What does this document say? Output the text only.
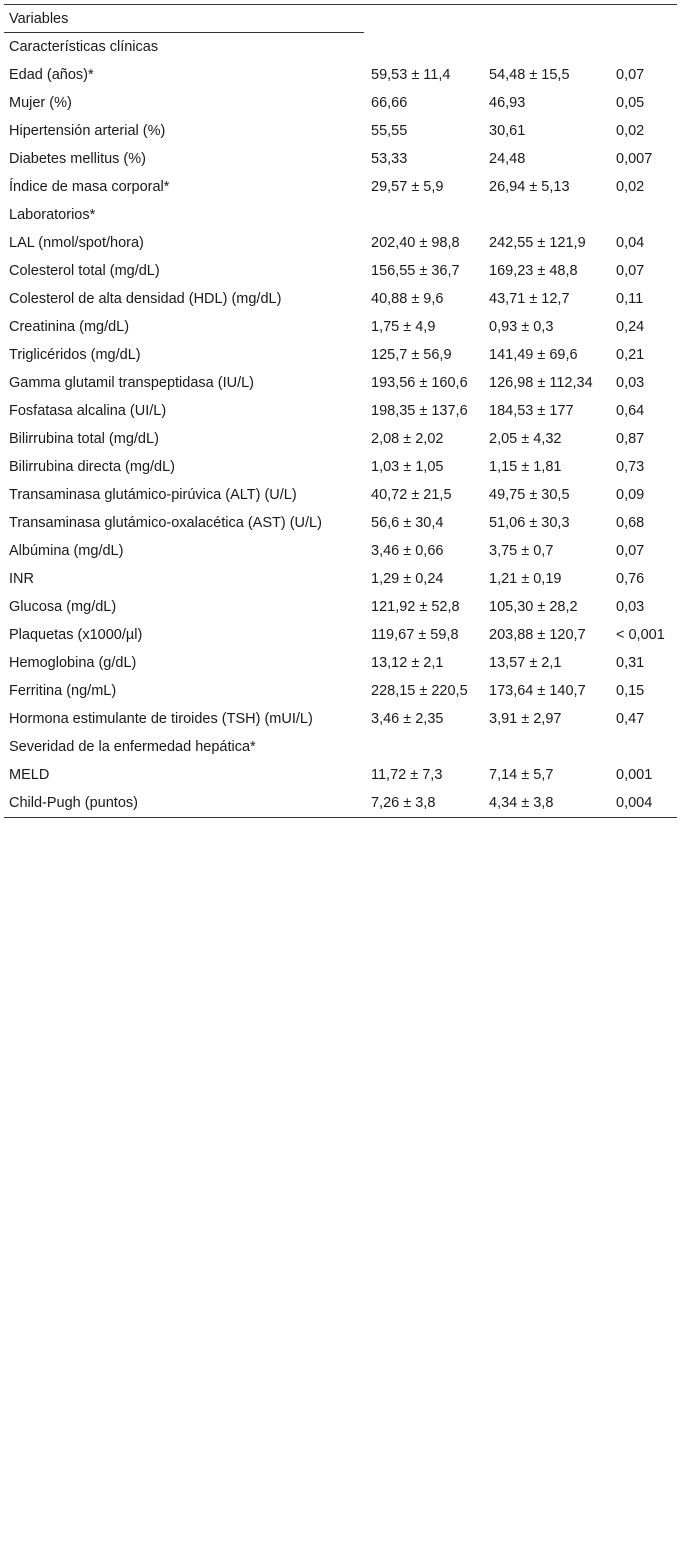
Variables			
Características clínicas			
Edad (años)*	59,53 ± 11,4	54,48 ± 15,5	0,07
Mujer (%)	66,66	46,93	0,05
Hipertensión arterial (%)	55,55	30,61	0,02
Diabetes mellitus (%)	53,33	24,48	0,007
Índice de masa corporal*	29,57 ± 5,9	26,94 ± 5,13	0,02
Laboratorios*			
LAL (nmol/spot/hora)	202,40 ± 98,8	242,55 ± 121,9	0,04
Colesterol total (mg/dL)	156,55 ± 36,7	169,23 ± 48,8	0,07
Colesterol de alta densidad (HDL) (mg/dL)	40,88 ± 9,6	43,71 ± 12,7	0,11
Creatinina (mg/dL)	1,75 ± 4,9	0,93 ± 0,3	0,24
Triglicéridos (mg/dL)	125,7 ± 56,9	141,49 ± 69,6	0,21
Gamma glutamil transpeptidasa (IU/L)	193,56 ± 160,6	126,98 ± 112,34	0,03
Fosfatasa alcalina (UI/L)	198,35 ± 137,6	184,53 ± 177	0,64
Bilirrubina total (mg/dL)	2,08 ± 2,02	2,05 ± 4,32	0,87
Bilirrubina directa (mg/dL)	1,03 ± 1,05	1,15 ± 1,81	0,73
Transaminasa glutámico-pirúvica (ALT) (U/L)	40,72 ± 21,5	49,75 ± 30,5	0,09
Transaminasa glutámico-oxalacética (AST) (U/L)	56,6 ± 30,4	51,06 ± 30,3	0,68
Albúmina (mg/dL)	3,46 ± 0,66	3,75 ± 0,7	0,07
INR	1,29 ± 0,24	1,21 ± 0,19	0,76
Glucosa (mg/dL)	121,92 ± 52,8	105,30 ± 28,2	0,03
Plaquetas (x1000/µl)	119,67 ± 59,8	203,88 ± 120,7	< 0,001
Hemoglobina (g/dL)	13,12 ± 2,1	13,57 ± 2,1	0,31
Ferritina (ng/mL)	228,15 ± 220,5	173,64 ± 140,7	0,15
Hormona estimulante de tiroides (TSH) (mUI/L)	3,46 ± 2,35	3,91 ± 2,97	0,47
Severidad de la enfermedad hepática*			
MELD	11,72 ± 7,3	7,14 ± 5,7	0,001
Child-Pugh (puntos)	7,26 ± 3,8	4,34 ± 3,8	0,004
